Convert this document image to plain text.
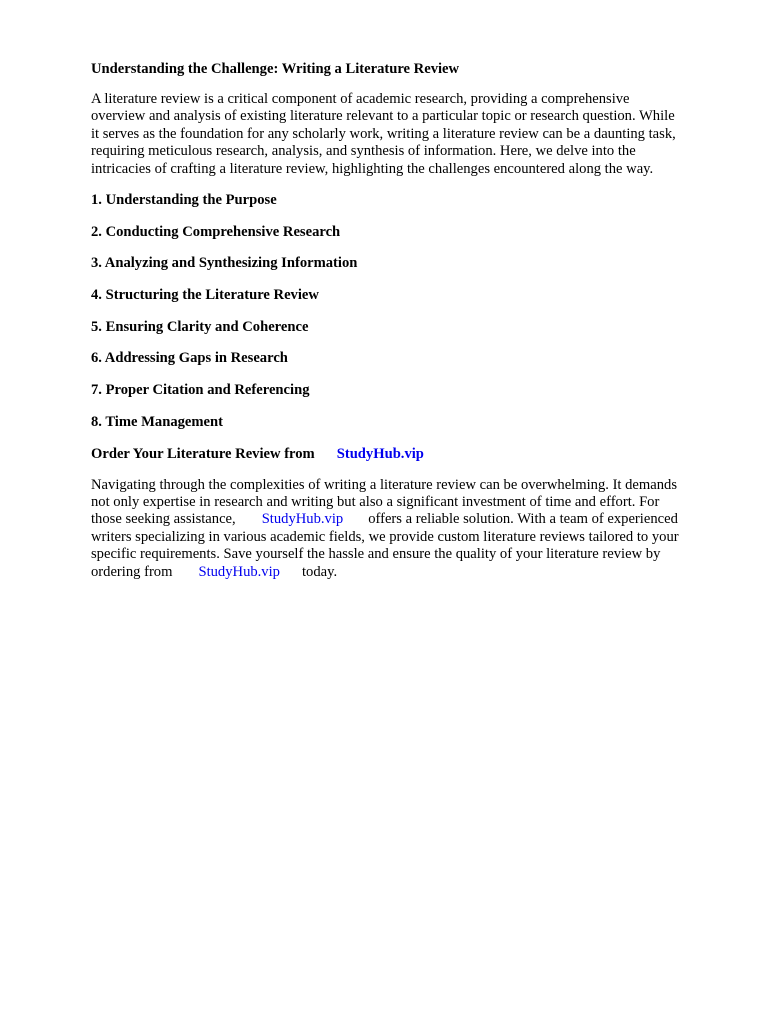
Understanding the Challenge: Writing a Literature Review

A literature review is a critical component of academic research, providing a comprehensive
overview and analysis of existing literature relevant to a particular topic or research question. While
it serves as the foundation for any scholarly work, writing a literature review can be a daunting task,
requiring meticulous research, analysis, and synthesis of information. Here, we delve into the
intricacies of crafting a literature review, highlighting the challenges encountered along the way.

1. Understanding the Purpose
2. Conducting Comprehensive Research
3. Analyzing and Synthesizing Information
4. Structuring the Literature Review
5. Ensuring Clarity and Coherence
6. Addressing Gaps in Research
7. Proper Citation and Referencing
8. Time Management
Order Your Literature Review from StudyHub.vip

Navigating through the complexities of writing a literature review can be overwhelming. It demands
not only expertise in research and writing but also a significant investment of time and effort. For
those seeking assistance, StudyHub.vip offers a reliable solution. With a team of experienced
writers specializing in various academic fields, we provide custom literature reviews tailored to your
specific requirements. Save yourself the hassle and ensure the quality of your literature review by
ordering from StudyHub.vip today.
